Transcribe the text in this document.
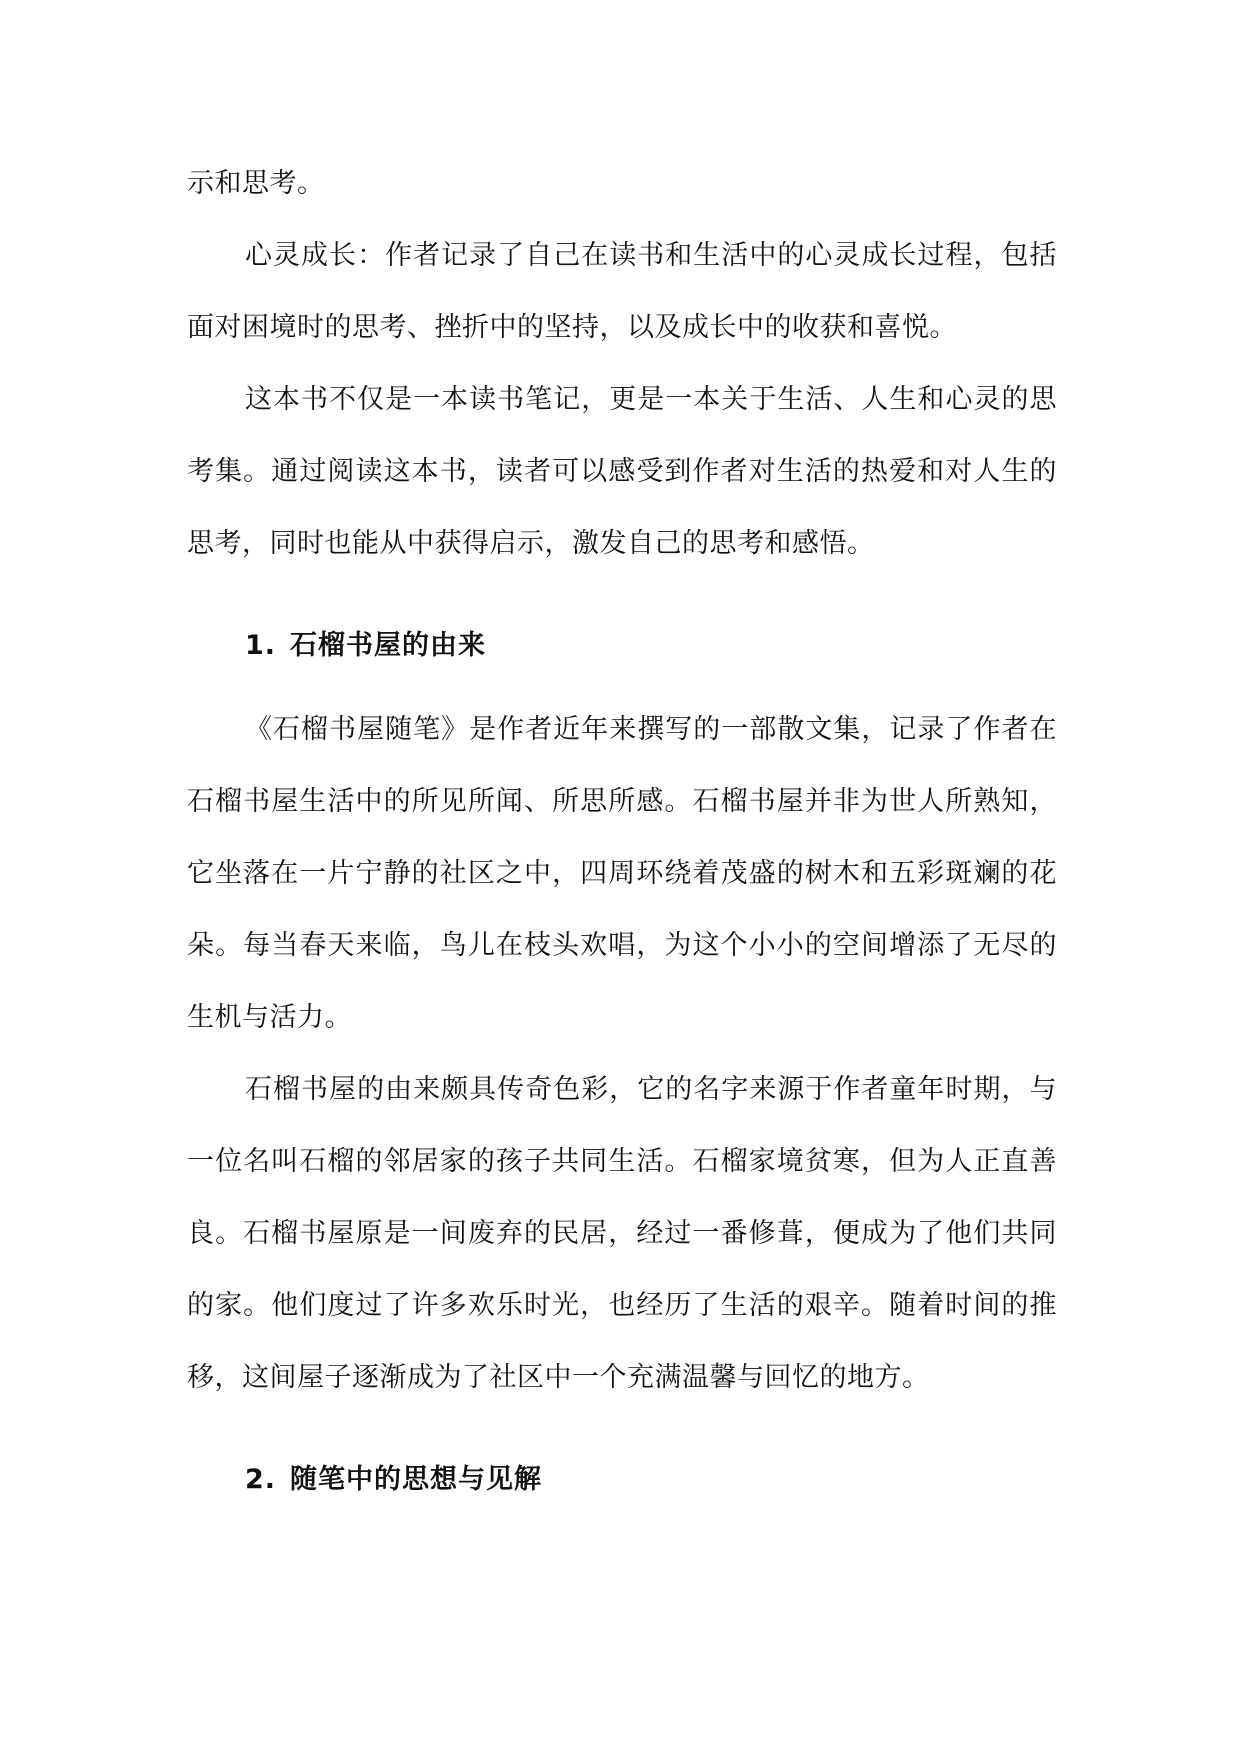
示和思考。

心灵成长：作者记录了自己在读书和生活中的心灵成长过程，包括面对困境时的思考、挫折中的坚持，以及成长中的收获和喜悦。

这本书不仅是一本读书笔记，更是一本关于生活、人生和心灵的思考集。通过阅读这本书，读者可以感受到作者对生活的热爱和对人生的思考，同时也能从中获得启示，激发自己的思考和感悟。

1. 石榴书屋的由来

《石榴书屋随笔》是作者近年来撰写的一部散文集，记录了作者在石榴书屋生活中的所见所闻、所思所感。石榴书屋并非为世人所熟知，它坐落在一片宁静的社区之中，四周环绕着茂盛的树木和五彩斑斓的花朵。每当春天来临，鸟儿在枝头欢唱，为这个小小的空间增添了无尽的生机与活力。

石榴书屋的由来颇具传奇色彩，它的名字来源于作者童年时期，与一位名叫石榴的邻居家的孩子共同生活。石榴家境贫寒，但为人正直善良。石榴书屋原是一间废弃的民居，经过一番修葺，便成为了他们共同的家。他们度过了许多欢乐时光，也经历了生活的艰辛。随着时间的推移，这间屋子逐渐成为了社区中一个充满温馨与回忆的地方。

2. 随笔中的思想与见解
